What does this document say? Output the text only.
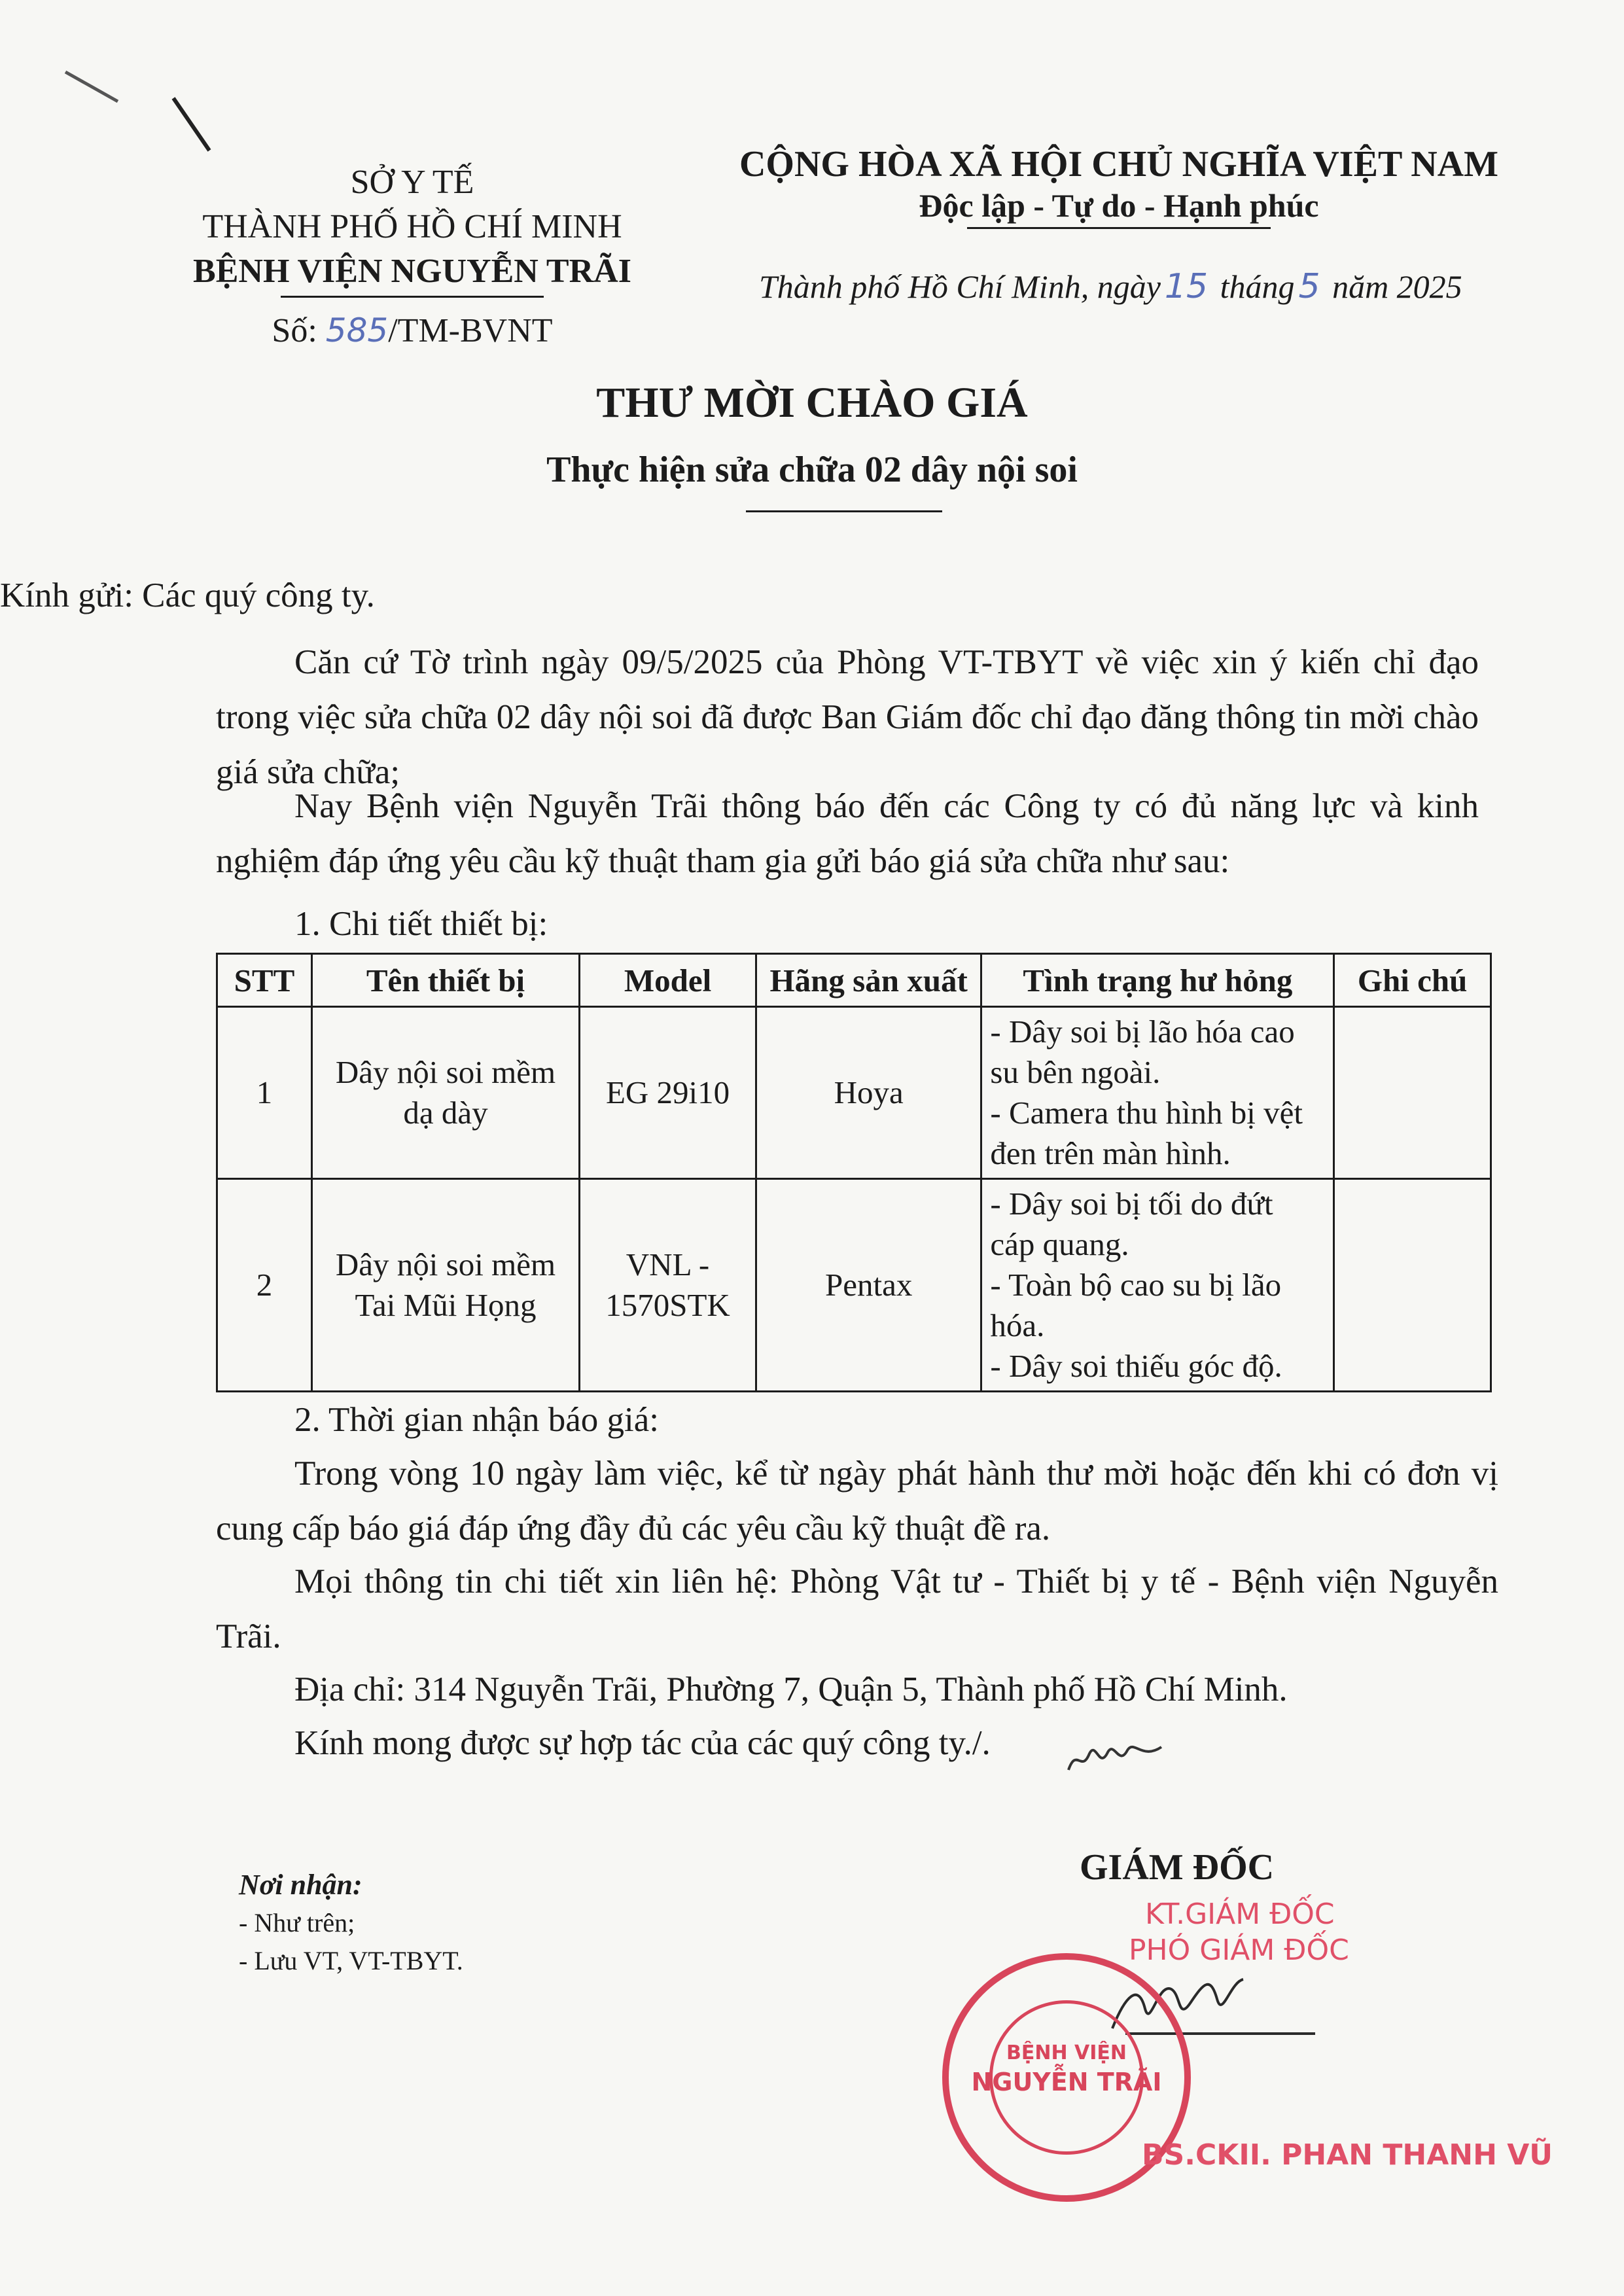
SỞ Y TẾ
THÀNH PHỐ HỒ CHÍ MINH
BỆNH VIỆN NGUYỄN TRÃI
Số: 585/TM-BVNT
CỘNG HÒA XÃ HỘI CHỦ NGHĨA VIỆT NAM
Độc lập - Tự do - Hạnh phúc
Thành phố Hồ Chí Minh, ngày 15 tháng 5 năm 2025
THƯ MỜI CHÀO GIÁ
Thực hiện sửa chữa 02 dây nội soi
Kính gửi: Các quý công ty.
Căn cứ Tờ trình ngày 09/5/2025 của Phòng VT-TBYT về việc xin ý kiến chỉ đạo trong việc sửa chữa 02 dây nội soi đã được Ban Giám đốc chỉ đạo đăng thông tin mời chào giá sửa chữa;
Nay Bệnh viện Nguyễn Trãi thông báo đến các Công ty có đủ năng lực và kinh nghiệm đáp ứng yêu cầu kỹ thuật tham gia gửi báo giá sửa chữa như sau:
1. Chi tiết thiết bị:
STT	Tên thiết bị	Model	Hãng sản xuất	Tình trạng hư hỏng	Ghi chú
1	Dây nội soi mềm dạ dày	EG 29i10	Hoya	- Dây soi bị lão hóa cao su bên ngoài.
- Camera thu hình bị vệt đen trên màn hình.	

2	Dây nội soi mềm Tai Mũi Họng	VNL - 1570STK	Pentax	- Dây soi bị tối do đứt cáp quang.
- Toàn bộ cao su bị lão hóa.
- Dây soi thiếu góc độ.	

2. Thời gian nhận báo giá:
Trong vòng 10 ngày làm việc, kể từ ngày phát hành thư mời hoặc đến khi có đơn vị cung cấp báo giá đáp ứng đầy đủ các yêu cầu kỹ thuật đề ra.
Mọi thông tin chi tiết xin liên hệ: Phòng Vật tư - Thiết bị y tế - Bệnh viện Nguyễn Trãi.
Địa chỉ: 314 Nguyễn Trãi, Phường 7, Quận 5, Thành phố Hồ Chí Minh.
Kính mong được sự hợp tác của các quý công ty./.
Nơi nhận:
- Như trên;
- Lưu VT, VT-TBYT.
GIÁM ĐỐC
KT.GIÁM ĐỐC
PHÓ GIÁM ĐỐC
BỆNH VIỆN
NGUYỄN TRÃI
BS.CKII. PHAN THANH VŨ
